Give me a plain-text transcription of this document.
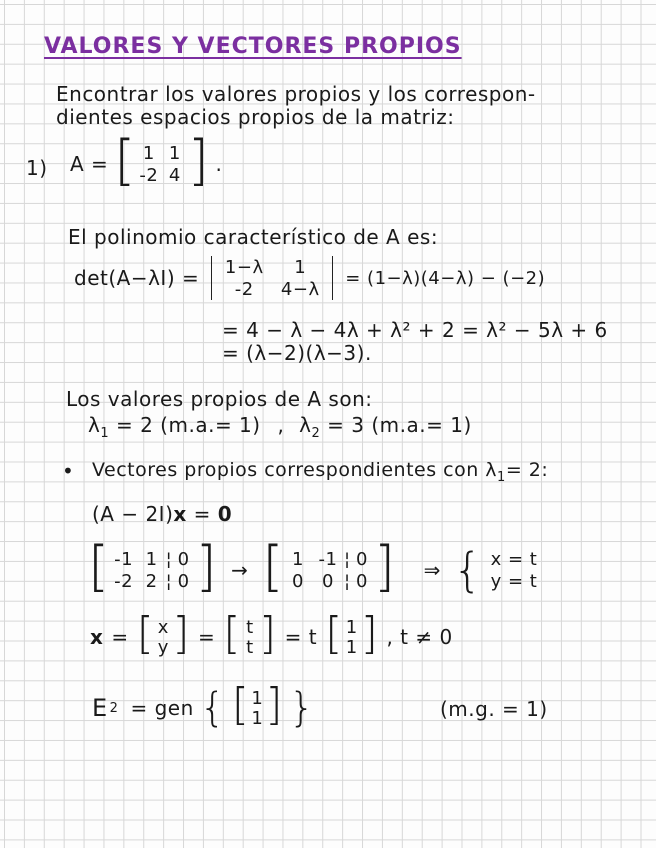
VALORES Y VECTORES PROPIOS
Encontrar los valores propios y los correspon-
dientes espacios propios de la matriz:
1) A = [ 1 1
-2 4 ] .
El polinomio característico de A es:
det(A−λI) =	1−λ	1
-2	4−λ
= (1−λ)(4−λ) − (−2)
= 4 − λ − 4λ + λ² + 2 = λ² − 5λ + 6
= (λ−2)(λ−3).
Los valores propios de A son:
$\lambda_1 = 2$ (m.a.= 1) , $\lambda_2 = 3$ (m.a.= 1)
• Vectores propios correspondientes con $\lambda_1= 2$:
(A − 2I)x = 0
[ -1 1 ¦ 0
-2 2 ¦ 0 ] → [ 1 -1 ¦ 0
0	0 ¦ 0 ] ⇒ { x = t
y = t
x = [ x
y ] = [ t
t ] = t [ 1
1 ] , t ≠ 0
E 2 = gen { [ 1
1 ] }	(m.g. = 1)
